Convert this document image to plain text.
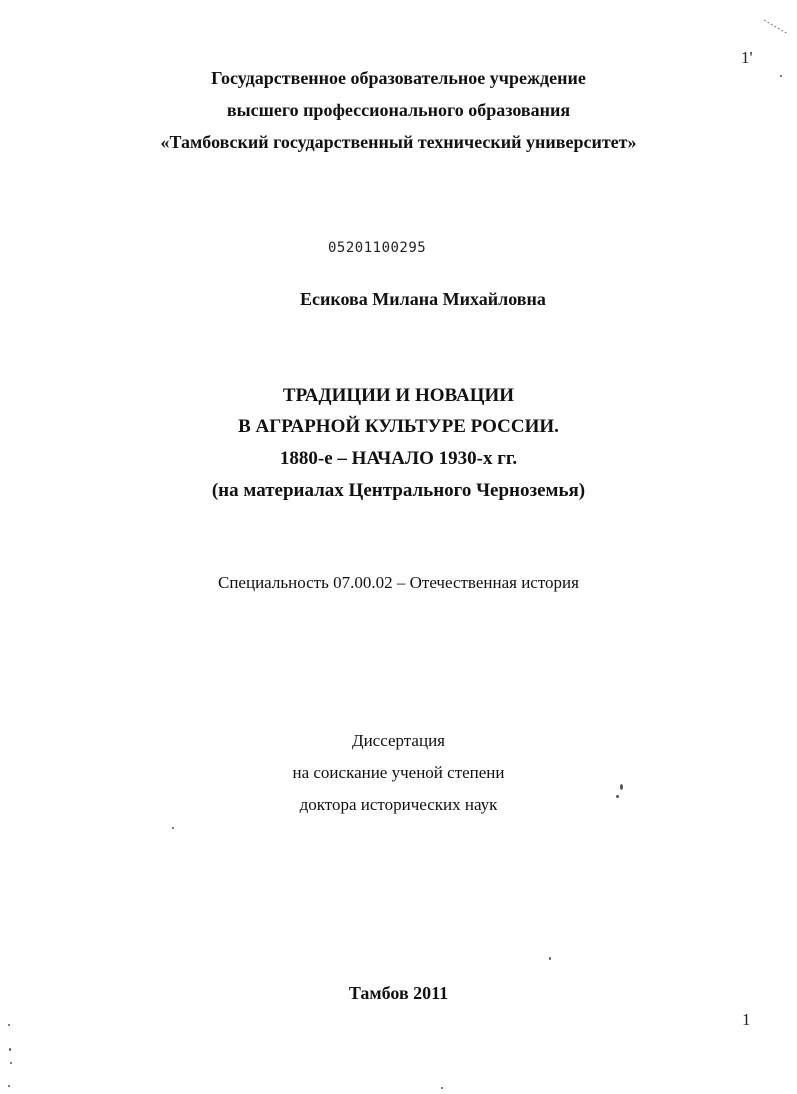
1'
Государственное образовательное учреждение
высшего профессионального образования
«Тамбовский государственный технический университет»
05201100295
Есикова Милана Михайловна
ТРАДИЦИИ И НОВАЦИИ
В АГРАРНОЙ КУЛЬТУРЕ РОССИИ.
1880-е – НАЧАЛО 1930-х гг.
(на материалах Центрального Черноземья)
Специальность 07.00.02 – Отечественная история
Диссертация
на соискание ученой степени
доктора исторических наук
Тамбов 2011
1
